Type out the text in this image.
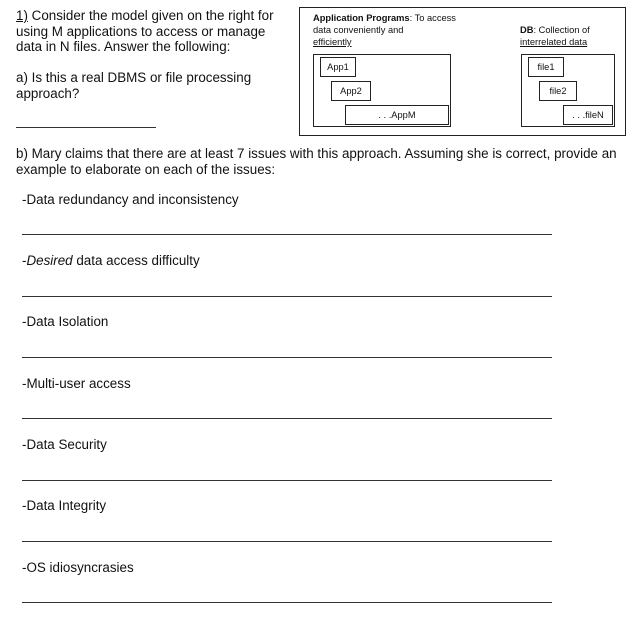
1) Consider the model given on the right for using M applications to access or manage data in N files. Answer the following:
a) Is this a real DBMS or file processing approach?
Application Programs: To access data conveniently and
efficiently
DB: Collection of
interrelated data
App1
App2
. . .AppM
file1
file2
. . .fileN
b) Mary claims that there are at least 7 issues with this approach. Assuming she is correct, provide an example to elaborate on each of the issues:
-Data redundancy and inconsistency
-Desired data access difficulty
-Data Isolation
-Multi-user access
-Data Security
-Data Integrity
-OS idiosyncrasies
